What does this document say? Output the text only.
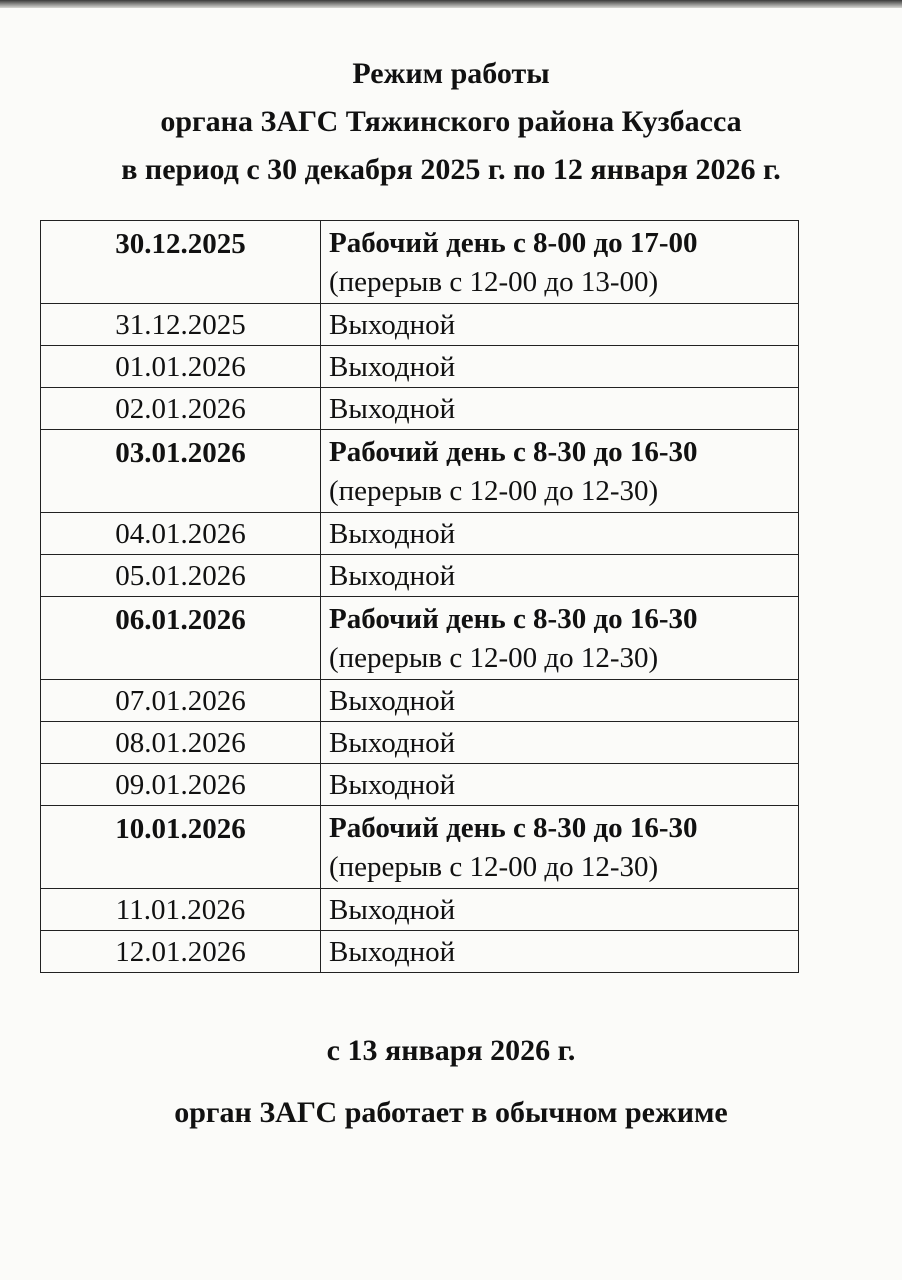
Режим работы
органа ЗАГС Тяжинского района Кузбасса
в период с 30 декабря 2025 г. по 12 января 2026 г.
30.12.2025	Рабочий день с 8-00 до 17-00
(перерыв с 12-00 до 13-00)

31.12.2025	Выходной
01.01.2026	Выходной
02.01.2026	Выходной
03.01.2026	Рабочий день с 8-30 до 16-30
(перерыв с 12-00 до 12-30)

04.01.2026	Выходной
05.01.2026	Выходной
06.01.2026	Рабочий день с 8-30 до 16-30
(перерыв с 12-00 до 12-30)

07.01.2026	Выходной
08.01.2026	Выходной
09.01.2026	Выходной
10.01.2026	Рабочий день с 8-30 до 16-30
(перерыв с 12-00 до 12-30)

11.01.2026	Выходной
12.01.2026	Выходной
с 13 января 2026 г.
орган ЗАГС работает в обычном режиме
